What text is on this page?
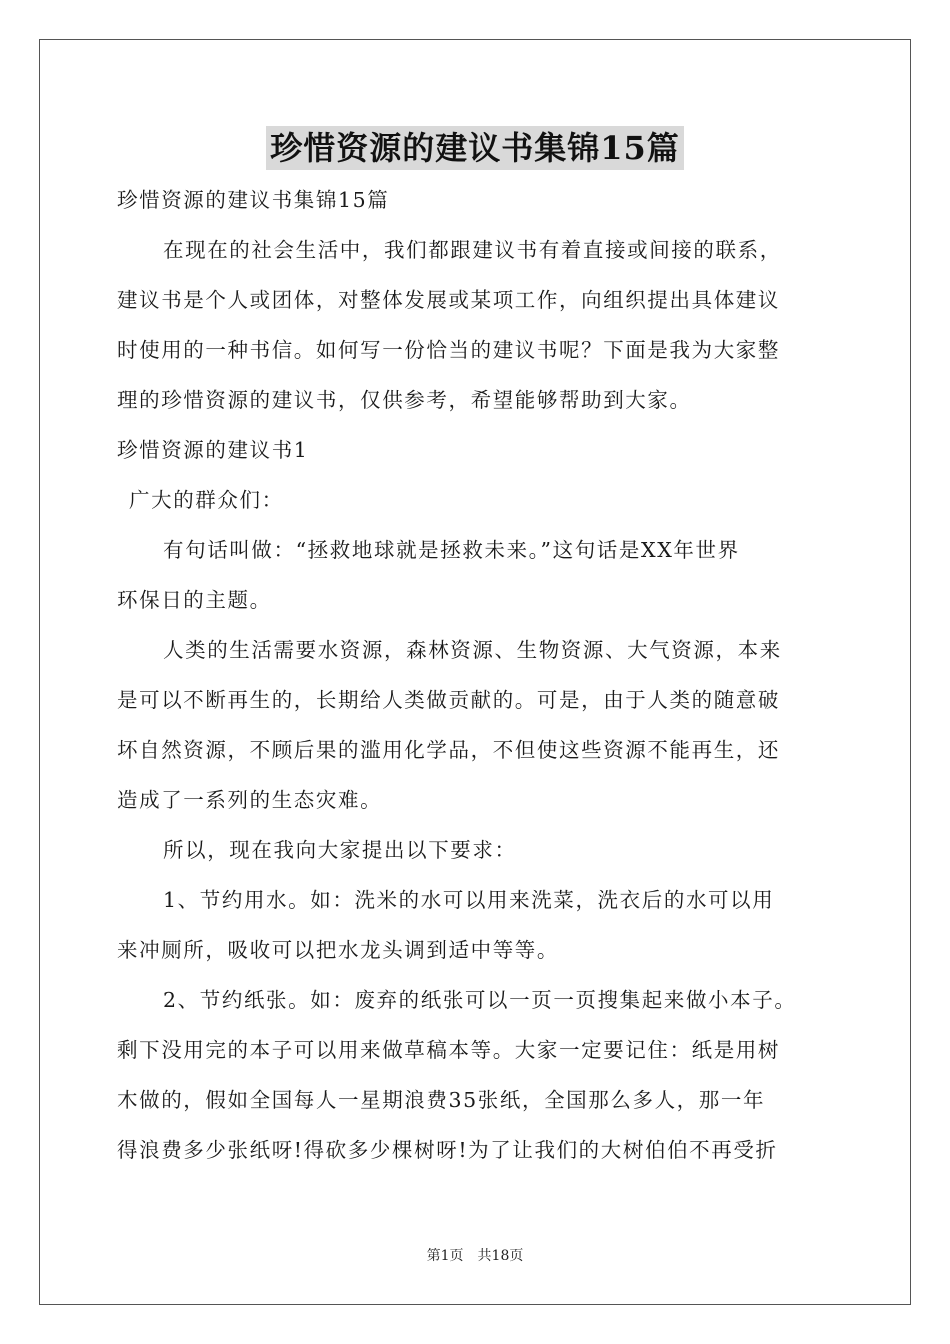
珍惜资源的建议书集锦15篇
珍惜资源的建议书集锦15篇
在现在的社会生活中，我们都跟建议书有着直接或间接的联系，
建议书是个人或团体，对整体发展或某项工作，向组织提出具体建议
时使用的一种书信。如何写一份恰当的建议书呢？下面是我为大家整
理的珍惜资源的建议书，仅供参考，希望能够帮助到大家。
珍惜资源的建议书1
广大的群众们：
有句话叫做：“拯救地球就是拯救未来。”这句话是XX年世界
环保日的主题。
人类的生活需要水资源，森林资源、生物资源、大气资源，本来
是可以不断再生的，长期给人类做贡献的。可是，由于人类的随意破
坏自然资源，不顾后果的滥用化学品，不但使这些资源不能再生，还
造成了一系列的生态灾难。
所以，现在我向大家提出以下要求：
1、节约用水。如：洗米的水可以用来洗菜，洗衣后的水可以用
来冲厕所，吸收可以把水龙头调到适中等等。
2、节约纸张。如：废弃的纸张可以一页一页搜集起来做小本子。
剩下没用完的本子可以用来做草稿本等。大家一定要记住：纸是用树
木做的，假如全国每人一星期浪费35张纸，全国那么多人，那一年
得浪费多少张纸呀!得砍多少棵树呀!为了让我们的大树伯伯不再受折
第1页　共18页
